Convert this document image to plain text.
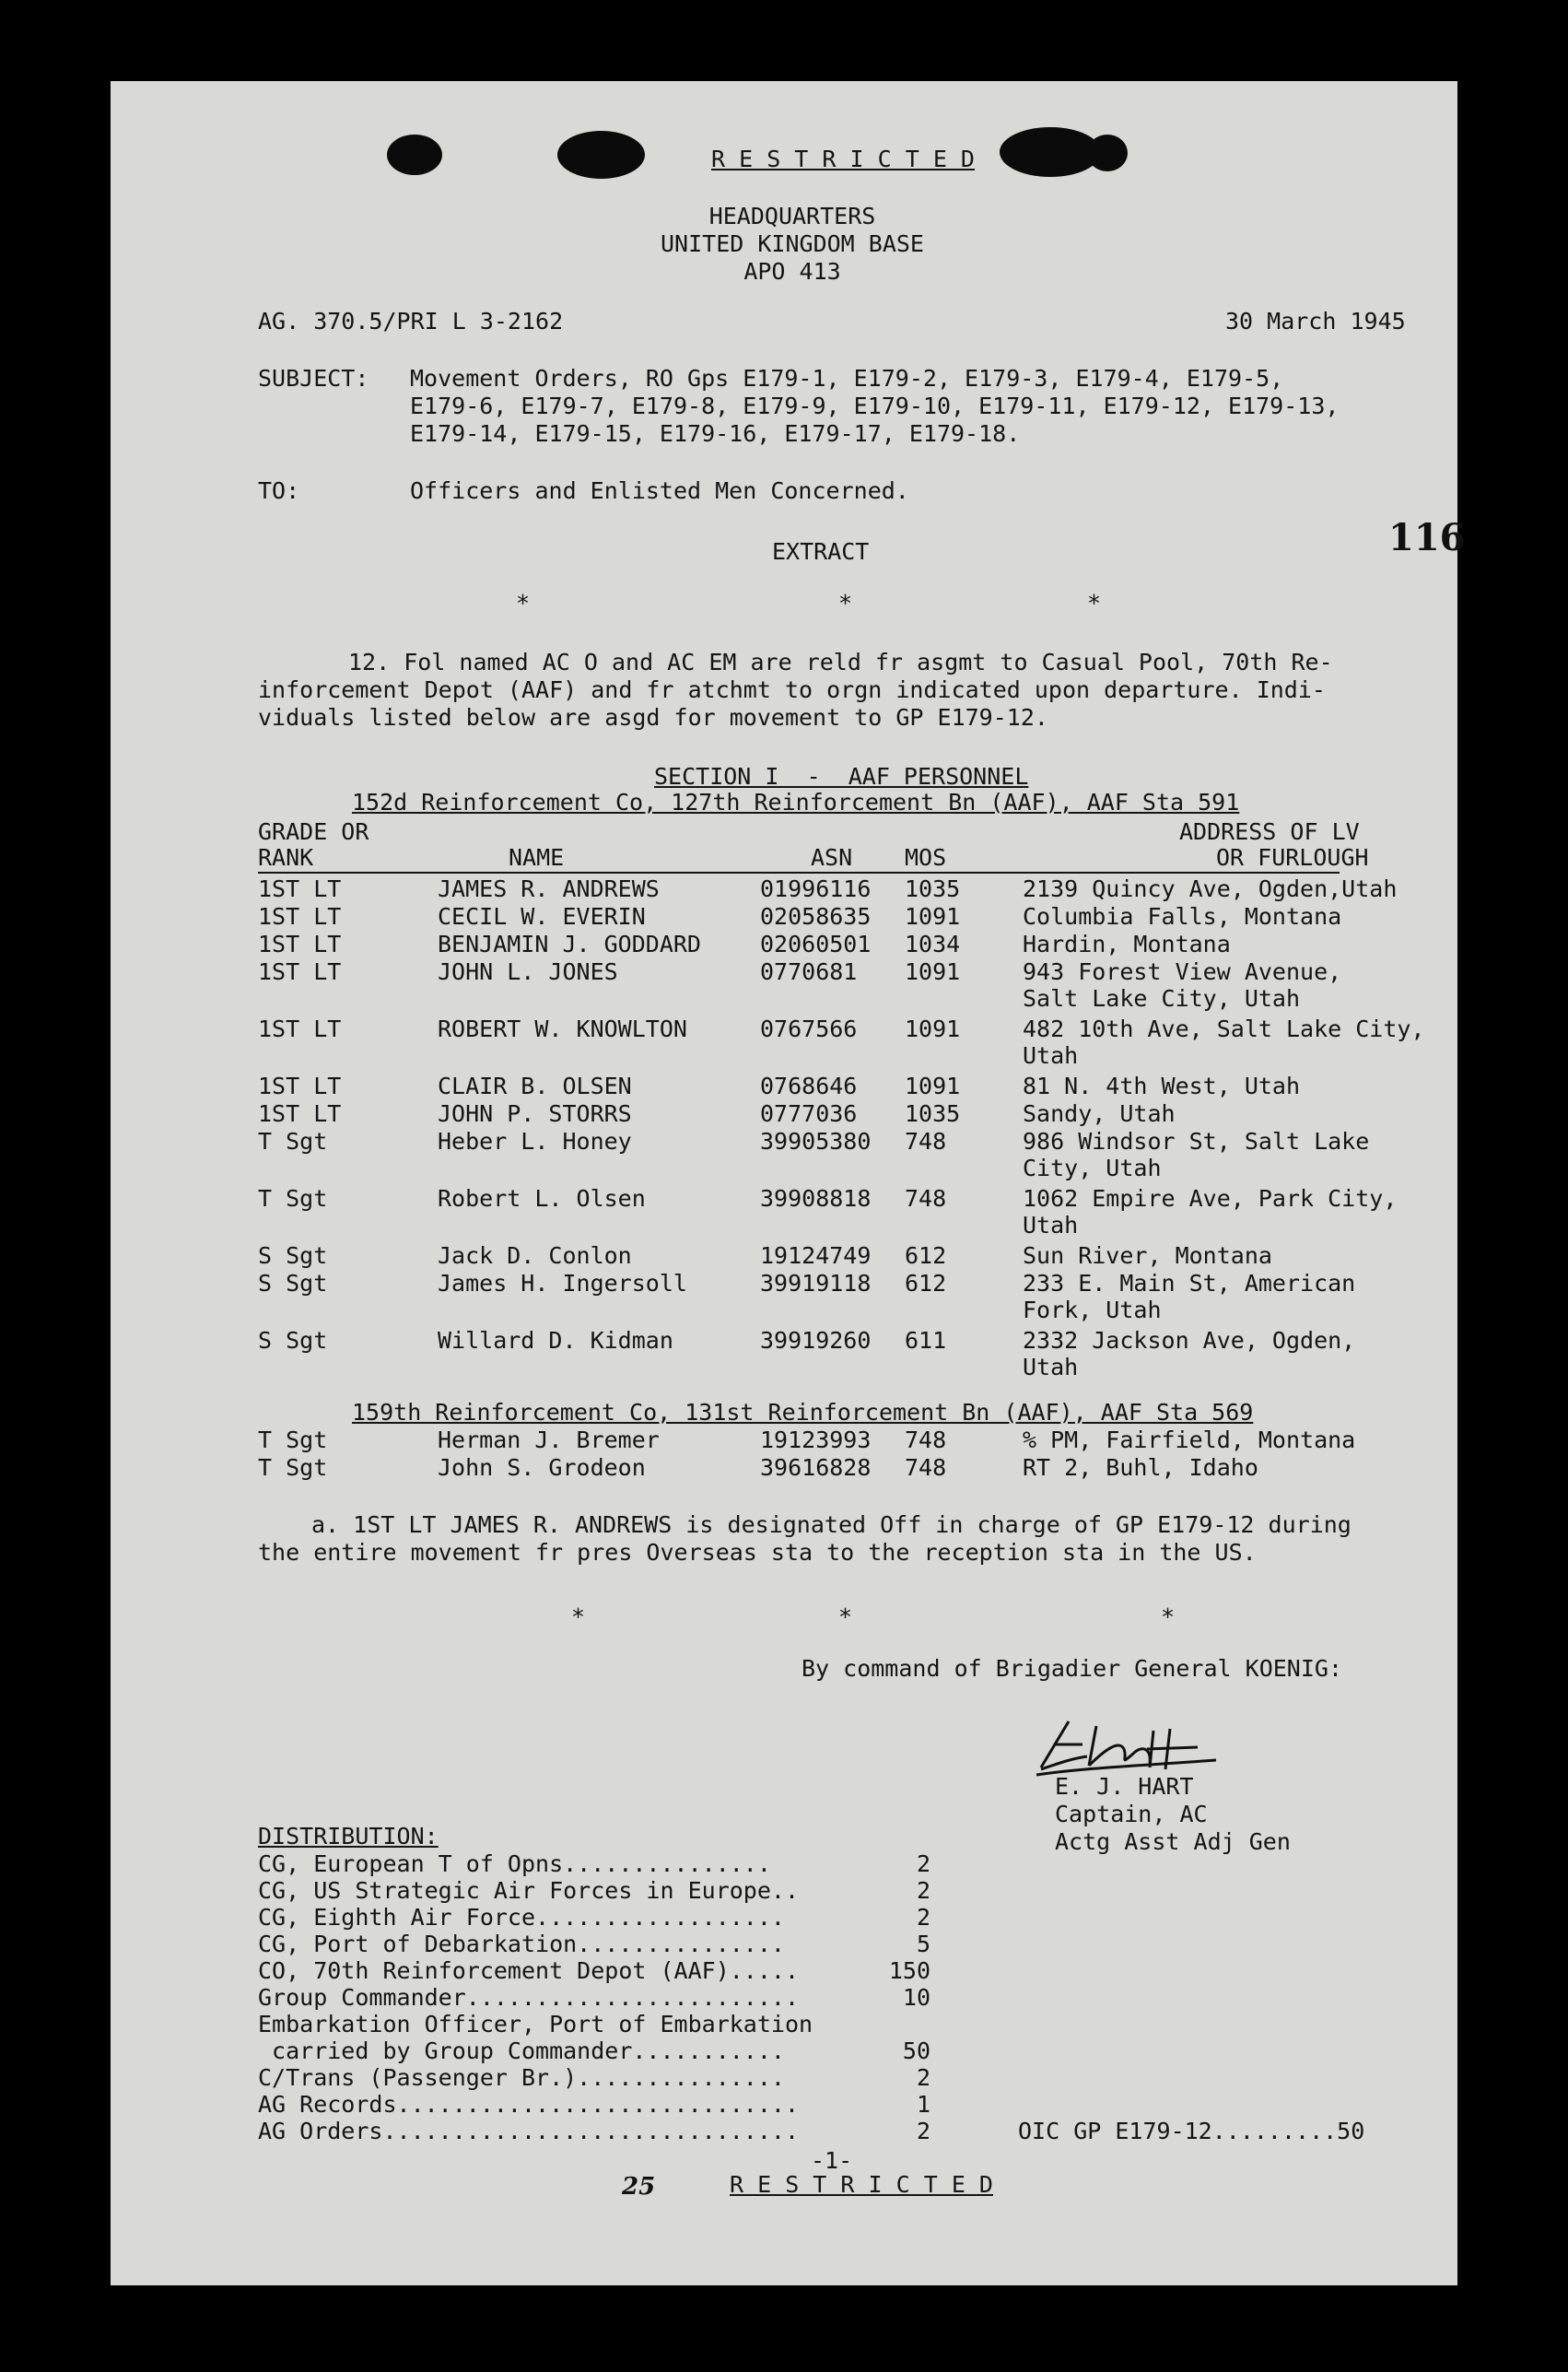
R E S T R I C T E D
HEADQUARTERS
UNITED KINGDOM BASE
APO 413
AG. 370.5/PRI L 3-2162	30 March 1945
SUBJECT: Movement Orders, RO Gps E179-1, E179-2, E179-3, E179-4, E179-5,
E179-6, E179-7, E179-8, E179-9, E179-10, E179-11, E179-12, E179-13,
E179-14, E179-15, E179-16, E179-17, E179-18.
TO:	Officers and Enlisted Men Concerned.
EXTRACT	116
*	*	*
12. Fol named AC O and AC EM are reld fr asgmt to Casual Pool, 70th Re-
inforcement Depot (AAF) and fr atchmt to orgn indicated upon departure. Indi-
viduals listed below are asgd for movement to GP E179-12.
SECTION I  -  AAF PERSONNEL
152d Reinforcement Co, 127th Reinforcement Bn (AAF), AAF Sta 591
GRADE OR	ADDRESS OF LV
RANK	NAME	ASN MOS	OR FURLOUGH
1ST LT	JAMES R. ANDREWS	01996116 1035	2139 Quincy Ave, Ogden,Utah
1ST LT	CECIL W. EVERIN	02058635 1091	Columbia Falls, Montana
1ST LT	BENJAMIN J. GODDARD	02060501 1034	Hardin, Montana
1ST LT	JOHN L. JONES	0770681 1091	943 Forest View Avenue,
Salt Lake City, Utah
1ST LT	ROBERT W. KNOWLTON	0767566 1091	482 10th Ave, Salt Lake City,
Utah
1ST LT	CLAIR B. OLSEN	0768646 1091	81 N. 4th West, Utah
1ST LT	JOHN P. STORRS	0777036 1035	Sandy, Utah
T Sgt	Heber L. Honey	39905380 748	986 Windsor St, Salt Lake
City, Utah
T Sgt	Robert L. Olsen	39908818 748	1062 Empire Ave, Park City,
Utah
S Sgt	Jack D. Conlon	19124749 612	Sun River, Montana
S Sgt	James H. Ingersoll	39919118 612	233 E. Main St, American
Fork, Utah
S Sgt	Willard D. Kidman	39919260 611	2332 Jackson Ave, Ogden,
Utah
159th Reinforcement Co, 131st Reinforcement Bn (AAF), AAF Sta 569
T Sgt	Herman J. Bremer	19123993 748	% PM, Fairfield, Montana
T Sgt	John S. Grodeon	39616828 748	RT 2, Buhl, Idaho
a. 1ST LT JAMES R. ANDREWS is designated Off in charge of GP E179-12 during
the entire movement fr pres Overseas sta to the reception sta in the US.
*	*	*
By command of Brigadier General KOENIG:
E. J. HART
Captain, AC
Actg Asst Adj Gen
DISTRIBUTION:
CG, European T of Opns...............	2
CG, US Strategic Air Forces in Europe..	2
CG, Eighth Air Force..................	2
CG, Port of Debarkation...............	5
CO, 70th Reinforcement Depot (AAF).....	150
Group Commander........................	10
Embarkation Officer, Port of Embarkation
carried by Group Commander...........	50
C/Trans (Passenger Br.)...............	2
AG Records.............................	1
AG Orders..............................	2	OIC GP E179-12.........50
-1-
25	R E S T R I C T E D
